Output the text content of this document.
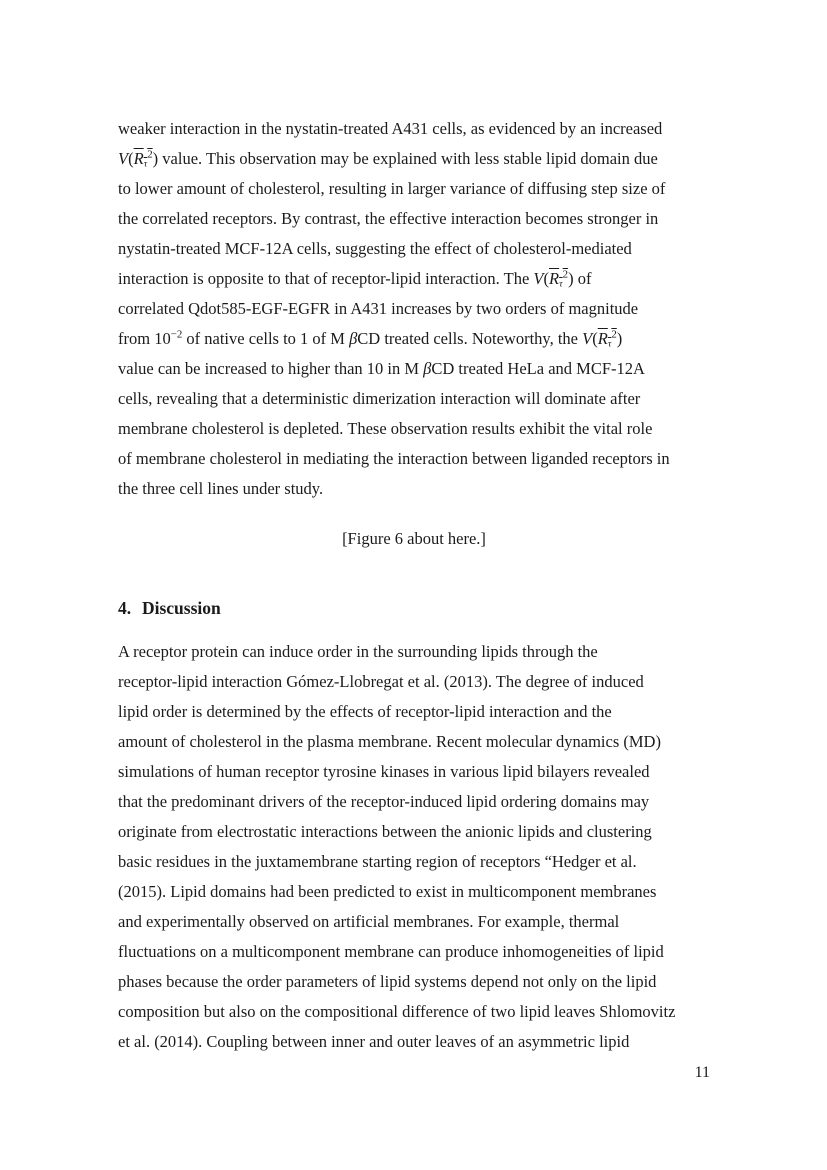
weaker interaction in the nystatin-treated A431 cells, as evidenced by an increased
$V(R_\tau^2)$ value. This observation may be explained with less stable lipid domain due
to lower amount of cholesterol, resulting in larger variance of diffusing step size of
the correlated receptors. By contrast, the effective interaction becomes stronger in
nystatin-treated MCF-12A cells, suggesting the effect of cholesterol-mediated
interaction is opposite to that of receptor-lipid interaction. The $V(R_\tau^2)$ of
correlated Qdot585-EGF-EGFR in A431 increases by two orders of magnitude
from $10^{-2}$ of native cells to 1 of M βCD treated cells. Noteworthy, the $V(R_\tau^2)$
value can be increased to higher than 10 in M βCD treated HeLa and MCF-12A
cells, revealing that a deterministic dimerization interaction will dominate after
membrane cholesterol is depleted. These observation results exhibit the vital role
of membrane cholesterol in mediating the interaction between liganded receptors in
the three cell lines under study.
[Figure 6 about here.]
4. Discussion
A receptor protein can induce order in the surrounding lipids through the
receptor-lipid interaction Gómez-Llobregat et al. (2013). The degree of induced
lipid order is determined by the effects of receptor-lipid interaction and the
amount of cholesterol in the plasma membrane. Recent molecular dynamics (MD)
simulations of human receptor tyrosine kinases in various lipid bilayers revealed
that the predominant drivers of the receptor-induced lipid ordering domains may
originate from electrostatic interactions between the anionic lipids and clustering
basic residues in the juxtamembrane starting region of receptors “Hedger et al.
(2015). Lipid domains had been predicted to exist in multicomponent membranes
and experimentally observed on artificial membranes. For example, thermal
fluctuations on a multicomponent membrane can produce inhomogeneities of lipid
phases because the order parameters of lipid systems depend not only on the lipid
composition but also on the compositional difference of two lipid leaves Shlomovitz
et al. (2014). Coupling between inner and outer leaves of an asymmetric lipid
11
